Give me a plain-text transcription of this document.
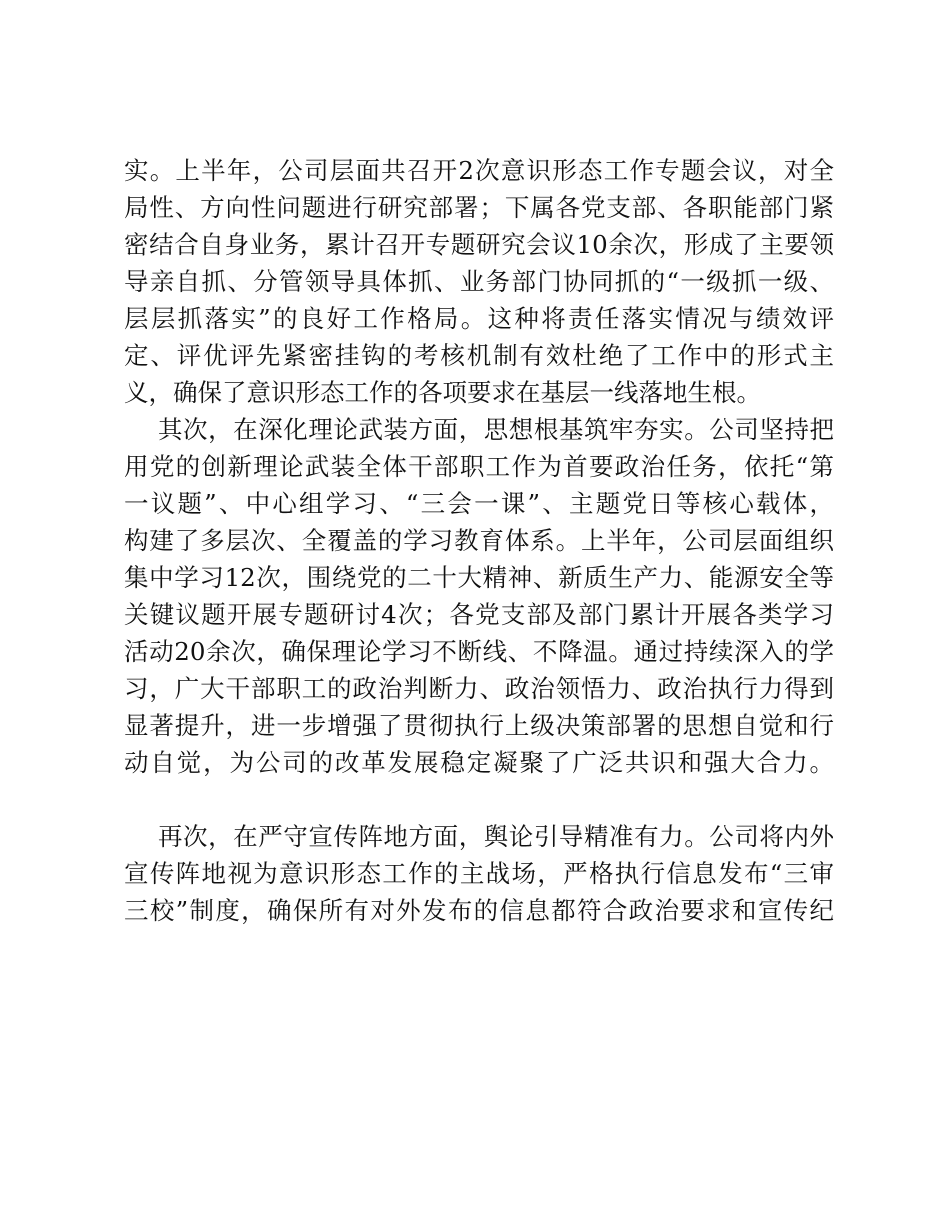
实。上半年，公司层面共召开2次意识形态工作专题会议，对全
局性、方向性问题进行研究部署；下属各党支部、各职能部门紧
密结合自身业务，累计召开专题研究会议10余次，形成了主要领
导亲自抓、分管领导具体抓、业务部门协同抓的“一级抓一级、
层层抓落实”的良好工作格局。这种将责任落实情况与绩效评
定、评优评先紧密挂钩的考核机制有效杜绝了工作中的形式主
义，确保了意识形态工作的各项要求在基层一线落地生根。
其次，在深化理论武装方面，思想根基筑牢夯实。公司坚持把
用党的创新理论武装全体干部职工作为首要政治任务，依托“第
一议题”、中心组学习、“三会一课”、主题党日等核心载体，
构建了多层次、全覆盖的学习教育体系。上半年，公司层面组织
集中学习12次，围绕党的二十大精神、新质生产力、能源安全等
关键议题开展专题研讨4次；各党支部及部门累计开展各类学习
活动20余次，确保理论学习不断线、不降温。通过持续深入的学
习，广大干部职工的政治判断力、政治领悟力、政治执行力得到
显著提升，进一步增强了贯彻执行上级决策部署的思想自觉和行
动自觉，为公司的改革发展稳定凝聚了广泛共识和强大合力。
再次，在严守宣传阵地方面，舆论引导精准有力。公司将内外
宣传阵地视为意识形态工作的主战场，严格执行信息发布“三审
三校”制度，确保所有对外发布的信息都符合政治要求和宣传纪
